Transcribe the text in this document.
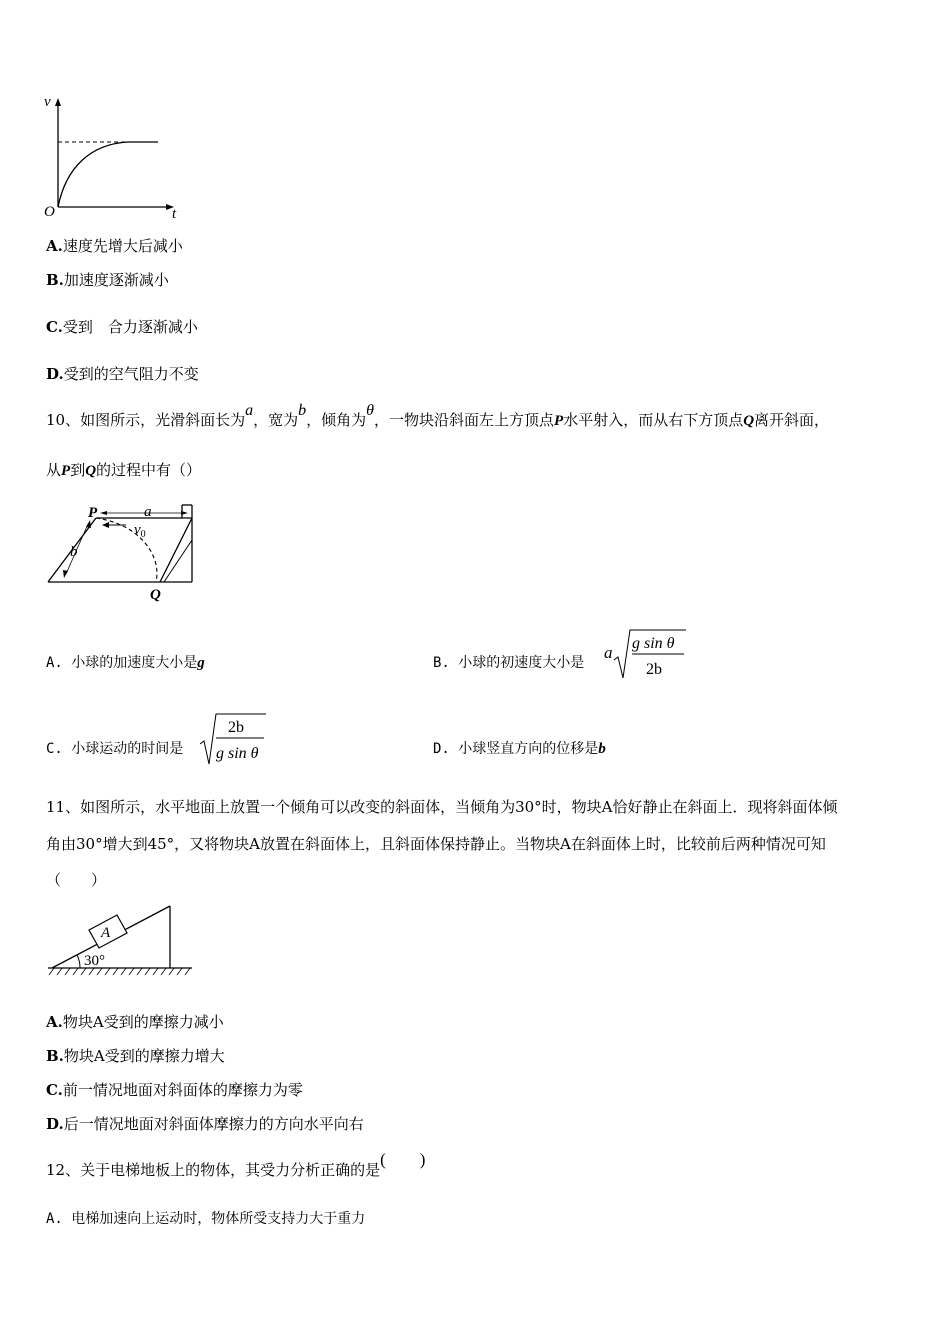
v
t
O
A.速度先增大后减小
B.加速度逐渐减小
C.受到　合力逐渐减小
D.受到的空气阻力不变
10、如图所示，光滑斜面长为a，宽为b，倾角为θ，一物块沿斜面左上方顶点P水平射入，而从右下方顶点Q离开斜面，
从P到Q的过程中有（）
P	a
$v_0$
b
Q
A. 小球的加速度大小是g	B. 小球的初速度大小是
a g sin θ
2b
C. 小球运动的时间是
2b
g sin θ	D. 小球竖直方向的位移是b
11、如图所示，水平地面上放置一个倾角可以改变的斜面体，当倾角为30°时，物块A恰好静止在斜面上．现将斜面体倾
角由30°增大到45°，又将物块A放置在斜面体上，且斜面体保持静止。当物块A在斜面体上时，比较前后两种情况可知
（　　）
A
30°
A.物块A受到的摩擦力减小
B.物块A受到的摩擦力增大
C.前一情况地面对斜面体的摩擦力为零
D.后一情况地面对斜面体摩擦力的方向水平向右
12、关于电梯地板上的物体，其受力分析正确的是(　　)
A. 电梯加速向上运动时，物体所受支持力大于重力
